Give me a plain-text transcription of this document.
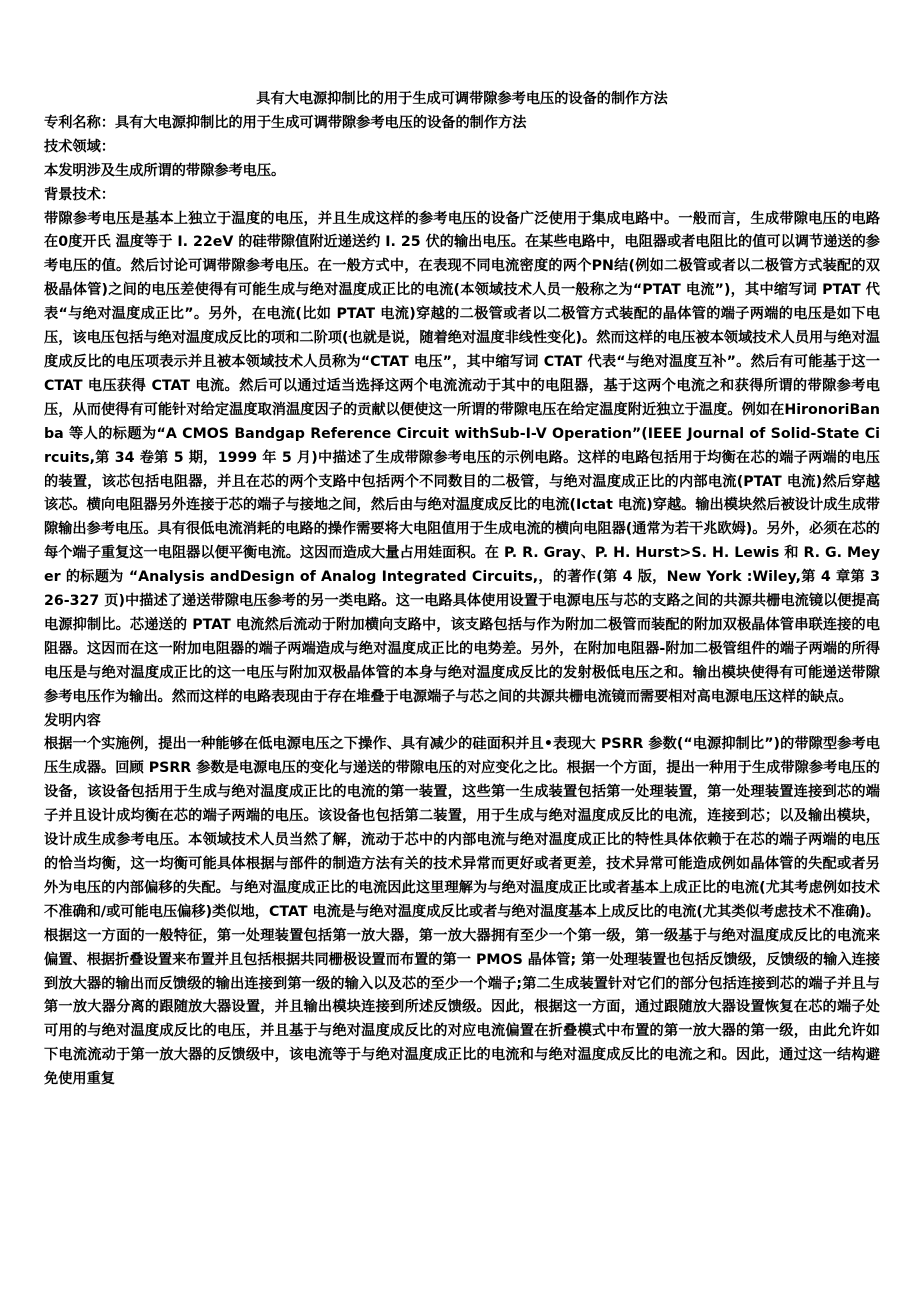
具有大电源抑制比的用于生成可调带隙参考电压的设备的制作方法

专利名称：具有大电源抑制比的用于生成可调带隙参考电压的设备的制作方法

技术领域：

本发明涉及生成所谓的带隙参考电压。

背景技术：

带隙参考电压是基本上独立于温度的电压，并且生成这样的参考电压的设备广泛使用于集成电路中。一般而言，生成带隙电压的电路在0度开氏 温度等于 I. 22eV 的硅带隙值附近递送约 I. 25 伏的输出电压。在某些电路中，电阻器或者电阻比的值可以调节递送的参考电压的值。然后讨论可调带隙参考电压。在一般方式中，在表现不同电流密度的两个PN结(例如二极管或者以二极管方式装配的双极晶体管)之间的电压差使得有可能生成与绝对温度成正比的电流(本领域技术人员一般称之为“PTAT 电流”)，其中缩写词 PTAT 代表“与绝对温度成正比”。另外，在电流(比如 PTAT 电流)穿越的二极管或者以二极管方式装配的晶体管的端子两端的电压是如下电压，该电压包括与绝对温度成反比的项和二阶项(也就是说，随着绝对温度非线性变化)。然而这样的电压被本领域技术人员用与绝对温度成反比的电压项表示并且被本领域技术人员称为“CTAT 电压”，其中缩写词 CTAT 代表“与绝对温度互补”。然后有可能基于这一 CTAT 电压获得 CTAT 电流。然后可以通过适当选择这两个电流流动于其中的电阻器，基于这两个电流之和获得所谓的带隙参考电压，从而使得有可能针对给定温度取消温度因子的贡献以便使这一所谓的带隙电压在给定温度附近独立于温度。例如在HironoriBanba 等人的标题为“A CMOS Bandgap Reference Circuit withSub-I-V Operation”(IEEE Journal of Solid-State Circuits,第 34 卷第 5 期，1999 年 5 月)中描述了生成带隙参考电压的示例电路。这样的电路包括用于均衡在芯的端子两端的电压的装置，该芯包括电阻器，并且在芯的两个支路中包括两个不同数目的二极管，与绝对温度成正比的内部电流(PTAT 电流)然后穿越该芯。横向电阻器另外连接于芯的端子与接地之间，然后由与绝对温度成反比的电流(Ictat 电流)穿越。输出模块然后被设计成生成带隙输出参考电压。具有很低电流消耗的电路的操作需要将大电阻值用于生成电流的横向电阻器(通常为若干兆欧姆)。另外，必须在芯的每个端子重复这一电阻器以便平衡电流。这因而造成大量占用娃面积。在 P. R. Gray、P. H. Hurst>S. H. Lewis 和 R. G. Meyer 的标题为 “Analysis andDesign of Analog Integrated Circuits,，的著作(第 4 版，New York :Wiley,第 4 章第 326-327 页)中描述了递送带隙电压参考的另一类电路。这一电路具体使用设置于电源电压与芯的支路之间的共源共栅电流镜以便提高电源抑制比。芯递送的 PTAT 电流然后流动于附加横向支路中，该支路包括与作为附加二极管而装配的附加双极晶体管串联连接的电阻器。这因而在这一附加电阻器的端子两端造成与绝对温度成正比的电势差。另外，在附加电阻器-附加二极管组件的端子两端的所得电压是与绝对温度成正比的这一电压与附加双极晶体管的本身与绝对温度成反比的发射极低电压之和。输出模块使得有可能递送带隙参考电压作为输出。然而这样的电路表现由于存在堆叠于电源端子与芯之间的共源共栅电流镜而需要相对高电源电压这样的缺点。

发明内容

根据一个实施例，提出一种能够在低电源电压之下操作、具有减少的硅面积并且•表现大 PSRR 参数(“电源抑制比”)的带隙型参考电压生成器。回顾 PSRR 参数是电源电压的变化与递送的带隙电压的对应变化之比。根据一个方面，提出一种用于生成带隙参考电压的设备，该设备包括用于生成与绝对温度成正比的电流的第一装置，这些第一生成装置包括第一处理装置，第一处理装置连接到芯的端子并且设计成均衡在芯的端子两端的电压。该设备也包括第二装置，用于生成与绝对温度成反比的电流，连接到芯；以及输出模块，设计成生成参考电压。本领域技术人员当然了解，流动于芯中的内部电流与绝对温度成正比的特性具体依赖于在芯的端子两端的电压的恰当均衡，这一均衡可能具体根据与部件的制造方法有关的技术异常而更好或者更差，技术异常可能造成例如晶体管的失配或者另外为电压的内部偏移的失配。与绝对温度成正比的电流因此这里理解为与绝对温度成正比或者基本上成正比的电流(尤其考虑例如技术不准确和/或可能电压偏移)类似地，CTAT 电流是与绝对温度成反比或者与绝对温度基本上成反比的电流(尤其类似考虑技术不准确)。根据这一方面的一般特征，第一处理装置包括第一放大器，第一放大器拥有至少一个第一级，第一级基于与绝对温度成反比的电流来偏置、根据折叠设置来布置并且包括根据共同栅极设置而布置的第一 PMOS 晶体管; 第一处理装置也包括反馈级，反馈级的输入连接到放大器的输出而反馈级的输出连接到第一级的输入以及芯的至少一个端子;第二生成装置针对它们的部分包括连接到芯的端子并且与第一放大器分离的跟随放大器设置，并且输出模块连接到所述反馈级。因此，根据这一方面，通过跟随放大器设置恢复在芯的端子处可用的与绝对温度成反比的电压，并且基于与绝对温度成反比的对应电流偏置在折叠模式中布置的第一放大器的第一级，由此允许如下电流流动于第一放大器的反馈级中，该电流等于与绝对温度成正比的电流和与绝对温度成反比的电流之和。因此，通过这一结构避免使用重复
